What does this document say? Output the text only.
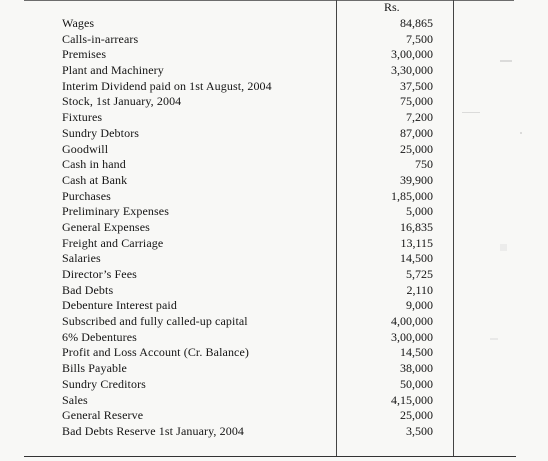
Rs.
Wages	84,865
Calls-in-arrears	7,500
Premises	3,00,000
Plant and Machinery	3,30,000
Interim Dividend paid on 1st August, 2004	37,500
Stock, 1st January, 2004	75,000
Fixtures	7,200
Sundry Debtors	87,000
Goodwill	25,000
Cash in hand	750
Cash at Bank	39,900
Purchases	1,85,000
Preliminary Expenses	5,000
General Expenses	16,835
Freight and Carriage	13,115
Salaries	14,500
Director’s Fees	5,725
Bad Debts	2,110
Debenture Interest paid	9,000
Subscribed and fully called-up capital	4,00,000
6% Debentures	3,00,000
Profit and Loss Account (Cr. Balance)	14,500
Bills Payable	38,000
Sundry Creditors	50,000
Sales	4,15,000
General Reserve	25,000
Bad Debts Reserve 1st January, 2004	3,500
